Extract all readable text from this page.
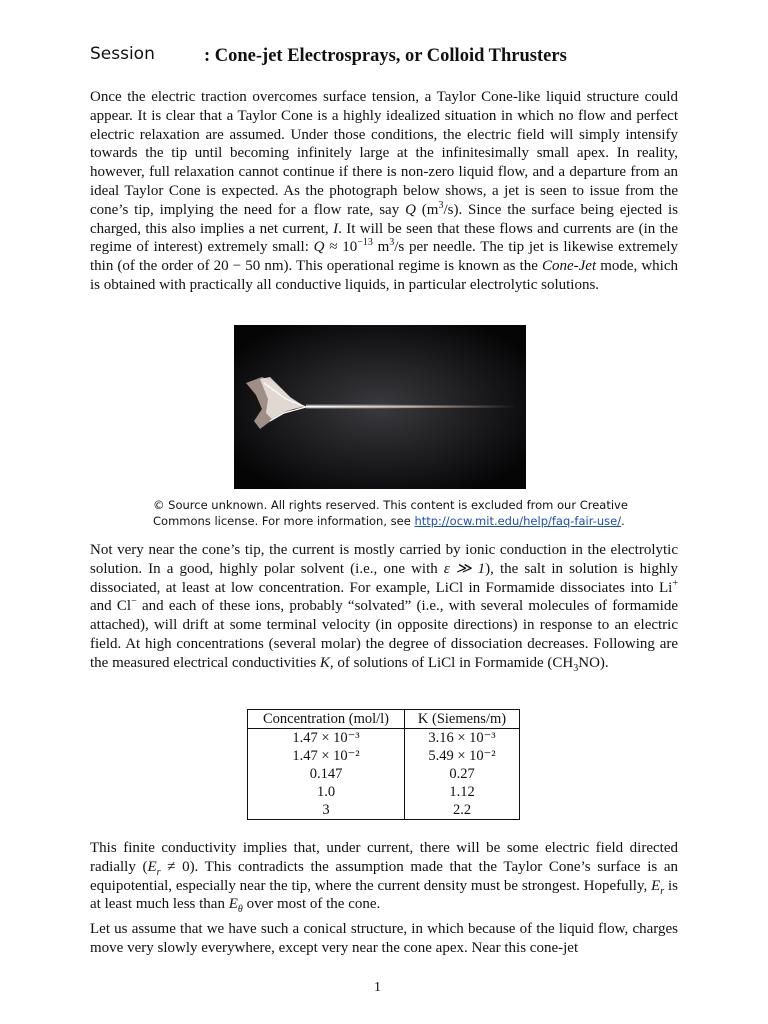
Session	: Cone-jet Electrosprays, or Colloid Thrusters

Once the electric traction overcomes surface tension, a Taylor Cone-like liquid structure could appear. It is clear that a Taylor Cone is a highly idealized situation in which no flow and perfect electric relaxation are assumed. Under those conditions, the electric field will simply intensify towards the tip until becoming infinitely large at the infinitesimally small apex. In reality, however, full relaxation cannot continue if there is non-zero liquid flow, and a departure from an ideal Taylor Cone is expected. As the photograph below shows, a jet is seen to issue from the cone’s tip, implying the need for a flow rate, say Q $(m^3/s)$. Since the surface being ejected is charged, this also implies a net current, I. It will be seen that these flows and currents are (in the regime of interest) extremely small: $Q \approx 10^{-13}$ $m^3/s$ per needle. The tip jet is likewise extremely thin (of the order of 20 − 50 nm). This operational regime is known as the Cone-Jet mode, which is obtained with practically all conductive liquids, in particular electrolytic solutions.

© Source unknown. All rights reserved. This content is excluded from our Creative Commons license. For more information, see http://ocw.mit.edu/help/faq-fair-use/.

Not very near the cone’s tip, the current is mostly carried by ionic conduction in the electrolytic solution. In a good, highly polar solvent (i.e., one with ε ≫ 1), the salt in solution is highly dissociated, at least at low concentration. For example, LiCl in Formamide dissociates into Li+ and Cl− and each of these ions, probably “solvated” (i.e., with several molecules of formamide attached), will drift at some terminal velocity (in opposite directions) in response to an electric field. At high concentrations (several molar) the degree of dissociation decreases. Following are the measured electrical conductivities K, of solutions of LiCl in Formamide $(CH_3NO)$.

Concentration (mol/l)	K (Siemens/m)
1.47 × 10⁻³	3.16 × 10⁻³
1.47 × 10⁻²	5.49 × 10⁻²
0.147	0.27
1.0	1.12
3	2.2

This finite conductivity implies that, under current, there will be some electric field directed radially $(E_r \ne 0)$. This contradicts the assumption made that the Taylor Cone’s surface is an equipotential, especially near the tip, where the current density must be strongest. Hopefully, $E_r$ is at least much less than $E_\theta$ over most of the cone.

Let us assume that we have such a conical structure, in which because of the liquid flow, charges move very slowly everywhere, except very near the cone apex. Near this cone-jet

1
